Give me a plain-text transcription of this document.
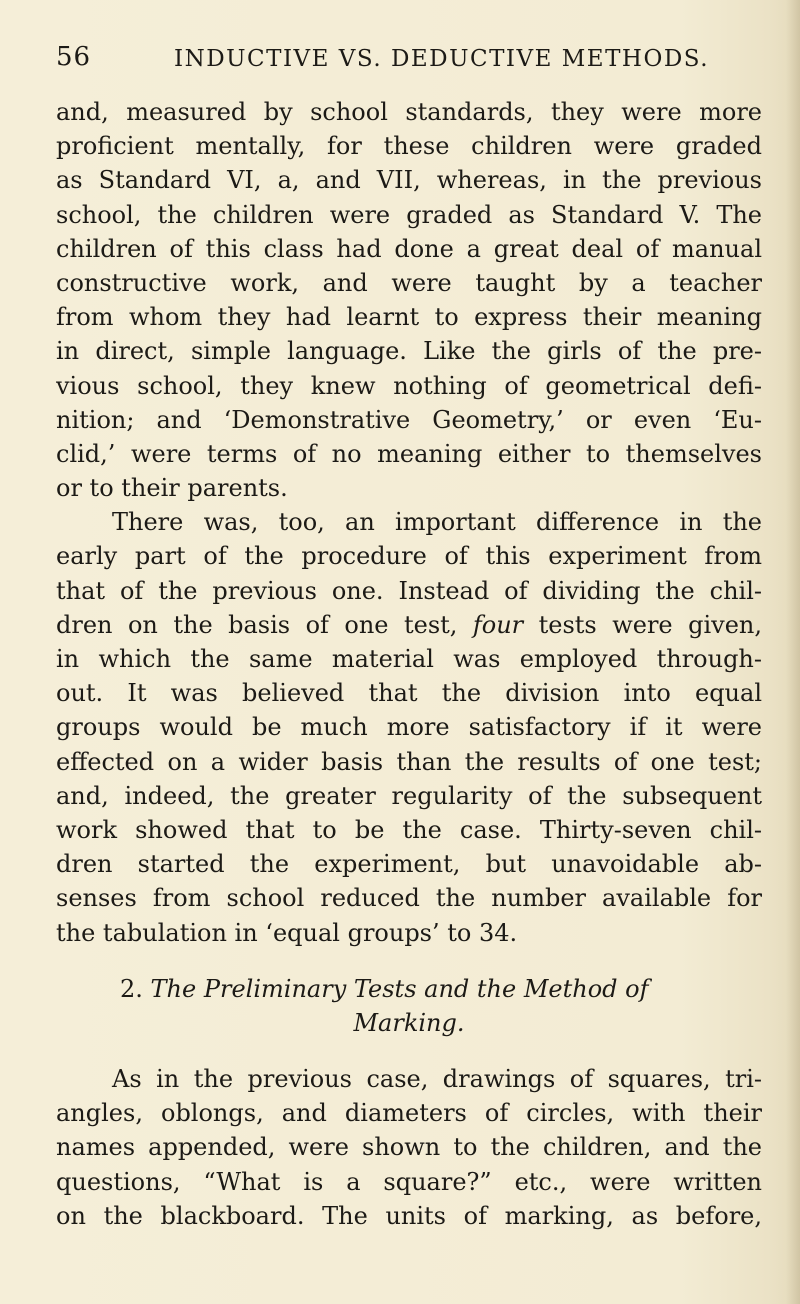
56	INDUCTIVE VS. DEDUCTIVE METHODS.
and, measured by school standards, they were more
proficient mentally, for these children were graded
as Standard VI, a, and VII, whereas, in the previous
school, the children were graded as Standard V. The
children of this class had done a great deal of manual
constructive work, and were taught by a teacher
from whom they had learnt to express their meaning
in direct, simple language. Like the girls of the pre-
vious school, they knew nothing of geometrical defi-
nition; and ‘Demonstrative Geometry,’ or even ‘Eu-
clid,’ were terms of no meaning either to themselves
or to their parents.
There was, too, an important difference in the
early part of the procedure of this experiment from
that of the previous one. Instead of dividing the chil-
dren on the basis of one test, four tests were given,
in which the same material was employed through-
out. It was believed that the division into equal
groups would be much more satisfactory if it were
effected on a wider basis than the results of one test;
and, indeed, the greater regularity of the subsequent
work showed that to be the case. Thirty-seven chil-
dren started the experiment, but unavoidable ab-
senses from school reduced the number available for
the tabulation in ‘equal groups’ to 34.
2. The Preliminary Tests and the Method of
Marking.
As in the previous case, drawings of squares, tri-
angles, oblongs, and diameters of circles, with their
names appended, were shown to the children, and the
questions, “What is a square?” etc., were written
on the blackboard. The units of marking, as before,
